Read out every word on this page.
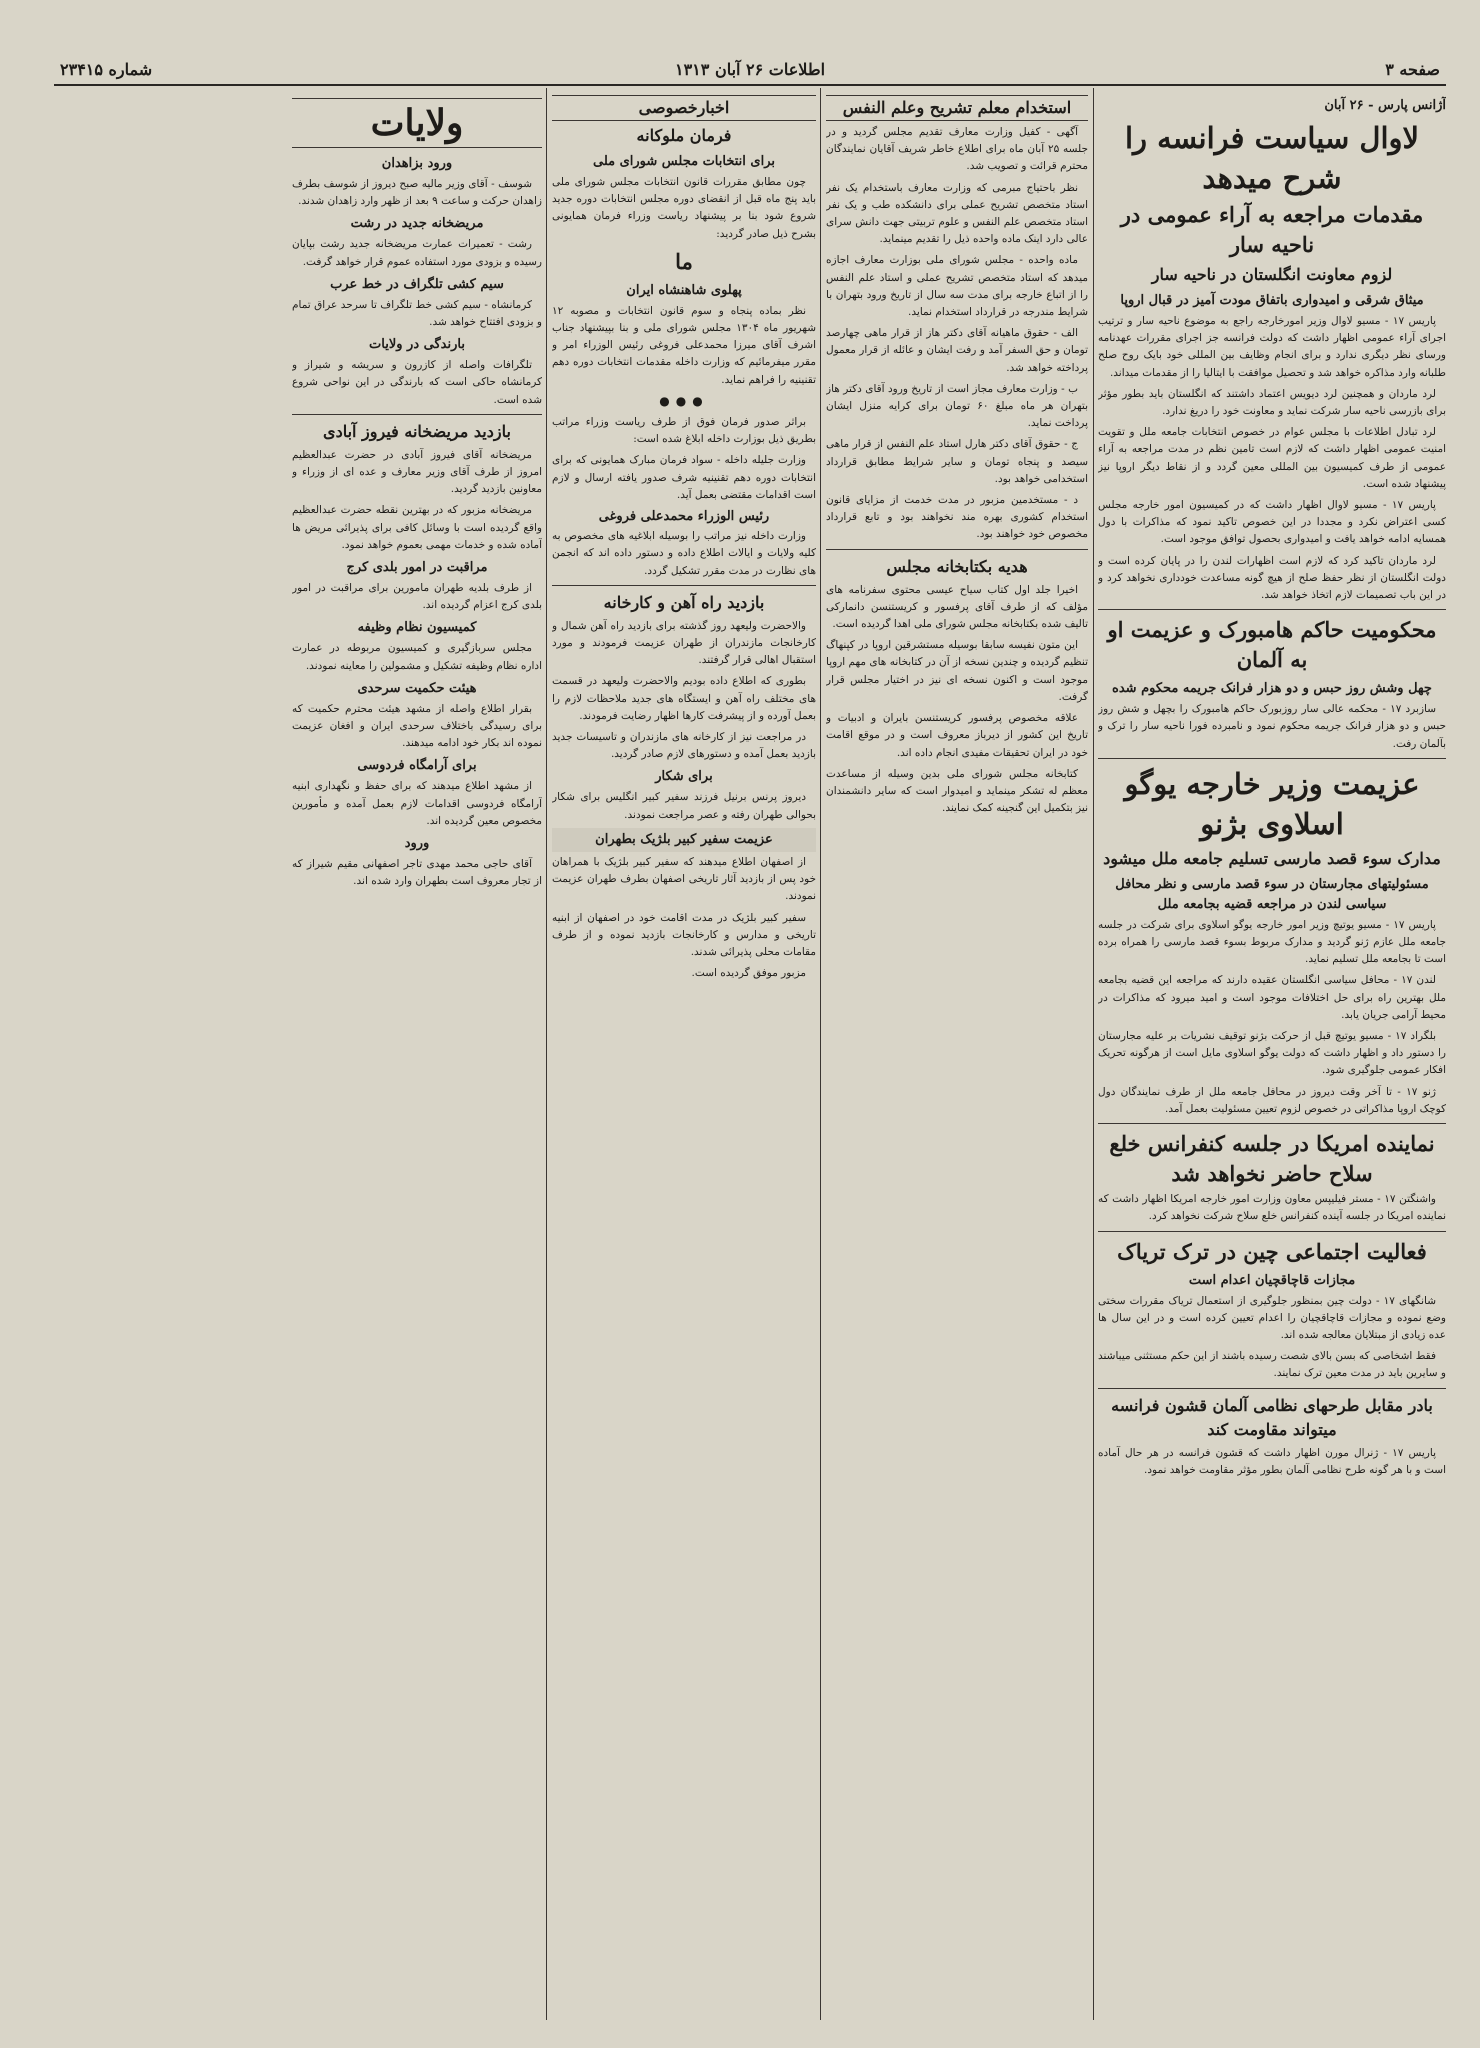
صفحه ۳
اطلاعات ۲۶ آبان ۱۳۱۳
شماره ۲۳۴۱۵
آژانس پارس - ۲۶ آبان
لاوال سیاست فرانسه را شرح میدهد
مقدمات مراجعه به آراء عمومی در ناحیه سار
لزوم معاونت انگلستان در ناحیه سار
میثاق شرقی و امیدواری باتفاق مودت آمیز در قبال اروپا

پاریس ۱۷ - مسیو لاوال وزیر امورخارجه راجع به موضوع ناحیه سار و ترتیب اجرای آراء عمومی اظهار داشت که دولت فرانسه جز اجرای مقررات عهدنامه ورسای نظر دیگری ندارد و برای انجام وظایف بین المللی خود بایک روح صلح طلبانه وارد مذاکره خواهد شد و تحصیل موافقت با ایتالیا را از مقدمات میداند.

لرد ماردان و همچنین لرد دیویس اعتماد داشتند که انگلستان باید بطور مؤثر برای بازرسی ناحیه سار شرکت نماید و معاونت خود را دریغ ندارد.

لرد تبادل اطلاعات با مجلس عوام در خصوص انتخابات جامعه ملل و تقویت امنیت عمومی اظهار داشت که لازم است تامین نظم در مدت مراجعه به آراء عمومی از طرف کمیسیون بین المللی معین گردد و از نقاط دیگر اروپا نیز پیشنهاد شده است.

پاریس ۱۷ - مسیو لاوال اظهار داشت که در کمیسیون امور خارجه مجلس کسی اعتراض نکرد و مجددا در این خصوص تاکید نمود که مذاکرات با دول همسایه ادامه خواهد یافت و امیدواری بحصول توافق موجود است.

لرد ماردان تاکید کرد که لازم است اظهارات لندن را در پایان کرده است و دولت انگلستان از نظر حفظ صلح از هیچ گونه مساعدت خودداری نخواهد کرد و در این باب تصمیمات لازم اتخاذ خواهد شد.

محکومیت حاکم هامبورک و عزیمت او به آلمان
چهل وشش روز حبس و دو هزار فرانک جریمه محکوم شده

سازبرد ۱۷ - محکمه عالی سار روزبورک حاکم هامبورک را بچهل و شش روز حبس و دو هزار فرانک جریمه محکوم نمود و نامبرده فورا ناحیه سار را ترک و بآلمان رفت.

عزیمت وزیر خارجه یوگو اسلاوی بژنو
مدارک سوء قصد مارسی تسلیم جامعه ملل میشود
مسئولیتهای مجارستان در سوء قصد مارسی و نظر محافل سیاسی لندن در مراجعه قضیه بجامعه ملل

پاریس ۱۷ - مسیو یوتیچ وزیر امور خارجه یوگو اسلاوی برای شرکت در جلسه جامعه ملل عازم ژنو گردید و مدارک مربوط بسوء قصد مارسی را همراه برده است تا بجامعه ملل تسلیم نماید.

لندن ۱۷ - محافل سیاسی انگلستان عقیده دارند که مراجعه این قضیه بجامعه ملل بهترین راه برای حل اختلافات موجود است و امید میرود که مذاکرات در محیط آرامی جریان یابد.

بلگراد ۱۷ - مسیو یوتیچ قبل از حرکت بژنو توقیف نشریات بر علیه مجارستان را دستور داد و اظهار داشت که دولت یوگو اسلاوی مایل است از هرگونه تحریک افکار عمومی جلوگیری شود.

ژنو ۱۷ - تا آخر وقت دیروز در محافل جامعه ملل از طرف نمایندگان دول کوچک اروپا مذاکراتی در خصوص لزوم تعیین مسئولیت بعمل آمد.

نماینده امریکا در جلسه کنفرانس خلع سلاح حاضر نخواهد شد

واشنگتن ۱۷ - مستر فیلیپس معاون وزارت امور خارجه امریکا اظهار داشت که نماینده امریکا در جلسه آینده کنفرانس خلع سلاح شرکت نخواهد کرد.

فعالیت اجتماعی چین در ترک تریاک
مجازات قاچاقچیان اعدام است

شانگهای ۱۷ - دولت چین بمنظور جلوگیری از استعمال تریاک مقررات سختی وضع نموده و مجازات قاچاقچیان را اعدام تعیین کرده است و در این سال ها عده زیادی از مبتلایان معالجه شده اند.

فقط اشخاصی که بسن بالای شصت رسیده باشند از این حکم مستثنی میباشند و سایرین باید در مدت معین ترک نمایند.

بادر مقابل طرحهای نظامی آلمان قشون فرانسه میتواند مقاومت کند

پاریس ۱۷ - ژنرال مورن اظهار داشت که قشون فرانسه در هر حال آماده است و با هر گونه طرح نظامی آلمان بطور مؤثر مقاومت خواهد نمود.

استخدام معلم تشریح وعلم النفس

آگهی - کفیل وزارت معارف تقدیم مجلس گردید و در جلسه ۲۵ آبان ماه برای اطلاع خاطر شریف آقایان نمایندگان محترم قرائت و تصویب شد.

نظر باحتیاج مبرمی که وزارت معارف باستخدام یک نفر استاد متخصص تشریح عملی برای دانشکده طب و یک نفر استاد متخصص علم النفس و علوم تربیتی جهت دانش سرای عالی دارد اینک ماده واحده ذیل را تقدیم مینماید.

ماده واحده - مجلس شورای ملی بوزارت معارف اجازه میدهد که استاد متخصص تشریح عملی و استاد علم النفس را از اتباع خارجه برای مدت سه سال از تاریخ ورود بتهران با شرایط مندرجه در قرارداد استخدام نماید.

الف - حقوق ماهیانه آقای دکتر هاز از قرار ماهی چهارصد تومان و حق السفر آمد و رفت ایشان و عائله از قرار معمول پرداخته خواهد شد.

ب - وزارت معارف مجاز است از تاریخ ورود آقای دکتر هاز بتهران هر ماه مبلغ ۶۰ تومان برای کرایه منزل ایشان پرداخت نماید.

ج - حقوق آقای دکتر هارل استاد علم النفس از قرار ماهی سیصد و پنجاه تومان و سایر شرایط مطابق قرارداد استخدامی خواهد بود.

د - مستخدمین مزبور در مدت خدمت از مزایای قانون استخدام کشوری بهره مند نخواهند بود و تابع قرارداد مخصوص خود خواهند بود.

هدیه بکتابخانه مجلس

اخیرا جلد اول کتاب سیاح عیسی محتوی سفرنامه های مؤلف که از طرف آقای پرفسور و کریستنسن دانمارکی تالیف شده بکتابخانه مجلس شورای ملی اهدا گردیده است.

این متون نفیسه سابقا بوسیله مستشرقین اروپا در کپنهاگ تنظیم گردیده و چندین نسخه از آن در کتابخانه های مهم اروپا موجود است و اکنون نسخه ای نیز در اختیار مجلس قرار گرفت.

علاقه مخصوص پرفسور کریستنسن بایران و ادبیات و تاریخ این کشور از دیرباز معروف است و در موقع اقامت خود در ایران تحقیقات مفیدی انجام داده اند.

کتابخانه مجلس شورای ملی بدین وسیله از مساعدت معظم له تشکر مینماید و امیدوار است که سایر دانشمندان نیز بتکمیل این گنجینه کمک نمایند.

اخبارخصوصی
فرمان ملوکانه
برای انتخابات مجلس شورای ملی

چون مطابق مقررات قانون انتخابات مجلس شورای ملی باید پنج ماه قبل از انقضای دوره مجلس انتخابات دوره جدید شروع شود بنا بر پیشنهاد ریاست وزراء فرمان همایونی بشرح ذیل صادر گردید:

ما
پهلوی شاهنشاه ایران

نظر بماده پنجاه و سوم قانون انتخابات و مصوبه ۱۲ شهریور ماه ۱۳۰۴ مجلس شورای ملی و بنا بپیشنهاد جناب اشرف آقای میرزا محمدعلی فروغی رئیس الوزراء امر و مقرر میفرمائیم که وزارت داخله مقدمات انتخابات دوره دهم تقنینیه را فراهم نماید.

●●●

براثر صدور فرمان فوق از طرف ریاست وزراء مراتب بطریق ذیل بوزارت داخله ابلاغ شده است:

وزارت جلیله داخله - سواد فرمان مبارک همایونی که برای انتخابات دوره دهم تقنینیه شرف صدور یافته ارسال و لازم است اقدامات مقتضی بعمل آید.

رئیس الوزراء محمدعلی فروغی

وزارت داخله نیز مراتب را بوسیله ابلاغیه های مخصوص به کلیه ولایات و ایالات اطلاع داده و دستور داده اند که انجمن های نظارت در مدت مقرر تشکیل گردد.

بازدید راه آهن و کارخانه

والاحضرت ولیعهد روز گذشته برای بازدید راه آهن شمال و کارخانجات مازندران از طهران عزیمت فرمودند و مورد استقبال اهالی قرار گرفتند.

بطوری که اطلاع داده بودیم والاحضرت ولیعهد در قسمت های مختلف راه آهن و ایستگاه های جدید ملاحظات لازم را بعمل آورده و از پیشرفت کارها اظهار رضایت فرمودند.

در مراجعت نیز از کارخانه های مازندران و تاسیسات جدید بازدید بعمل آمده و دستورهای لازم صادر گردید.

برای شکار

دیروز پرنس برنیل فرزند سفیر کبیر انگلیس برای شکار بحوالی طهران رفته و عصر مراجعت نمودند.

عزیمت سفیر کبیر بلژیک بطهران

از اصفهان اطلاع میدهند که سفیر کبیر بلژیک با همراهان خود پس از بازدید آثار تاریخی اصفهان بطرف طهران عزیمت نمودند.

سفیر کبیر بلژیک در مدت اقامت خود در اصفهان از ابنیه تاریخی و مدارس و کارخانجات بازدید نموده و از طرف مقامات محلی پذیرائی شدند.

مزبور موفق گردیده است.

ولایات
ورود بزاهدان

شوسف - آقای وزیر مالیه صبح دیروز از شوسف بطرف زاهدان حرکت و ساعت ۹ بعد از ظهر وارد زاهدان شدند.

مریضخانه جدید در رشت

رشت - تعمیرات عمارت مریضخانه جدید رشت بپایان رسیده و بزودی مورد استفاده عموم قرار خواهد گرفت.

سیم کشی تلگراف در خط عرب

کرمانشاه - سیم کشی خط تلگراف تا سرحد عراق تمام و بزودی افتتاح خواهد شد.

بارندگی در ولایات

تلگرافات واصله از کازرون و سریشه و شیراز و کرمانشاه حاکی است که بارندگی در این نواحی شروع شده است.

بازدید مریضخانه فیروز آبادی

مریضخانه آقای فیروز آبادی در حضرت عبدالعظیم امروز از طرف آقای وزیر معارف و عده ای از وزراء و معاونین بازدید گردید.

مریضخانه مزبور که در بهترین نقطه حضرت عبدالعظیم واقع گردیده است با وسائل کافی برای پذیرائی مریض ها آماده شده و خدمات مهمی بعموم خواهد نمود.

مراقبت در امور بلدی کرج

از طرف بلدیه طهران مامورین برای مراقبت در امور بلدی کرج اعزام گردیده اند.

کمیسیون نظام وظیفه

مجلس سربازگیری و کمیسیون مربوطه در عمارت اداره نظام وظیفه تشکیل و مشمولین را معاینه نمودند.

هیئت حکمیت سرحدی

بقرار اطلاع واصله از مشهد هیئت محترم حکمیت که برای رسیدگی باختلاف سرحدی ایران و افغان عزیمت نموده اند بکار خود ادامه میدهند.

برای آرامگاه فردوسی

از مشهد اطلاع میدهند که برای حفظ و نگهداری ابنیه آرامگاه فردوسی اقدامات لازم بعمل آمده و مأمورین مخصوص معین گردیده اند.

ورود

آقای حاجی محمد مهدی تاجر اصفهانی مقیم شیراز که از تجار معروف است بطهران وارد شده اند.
